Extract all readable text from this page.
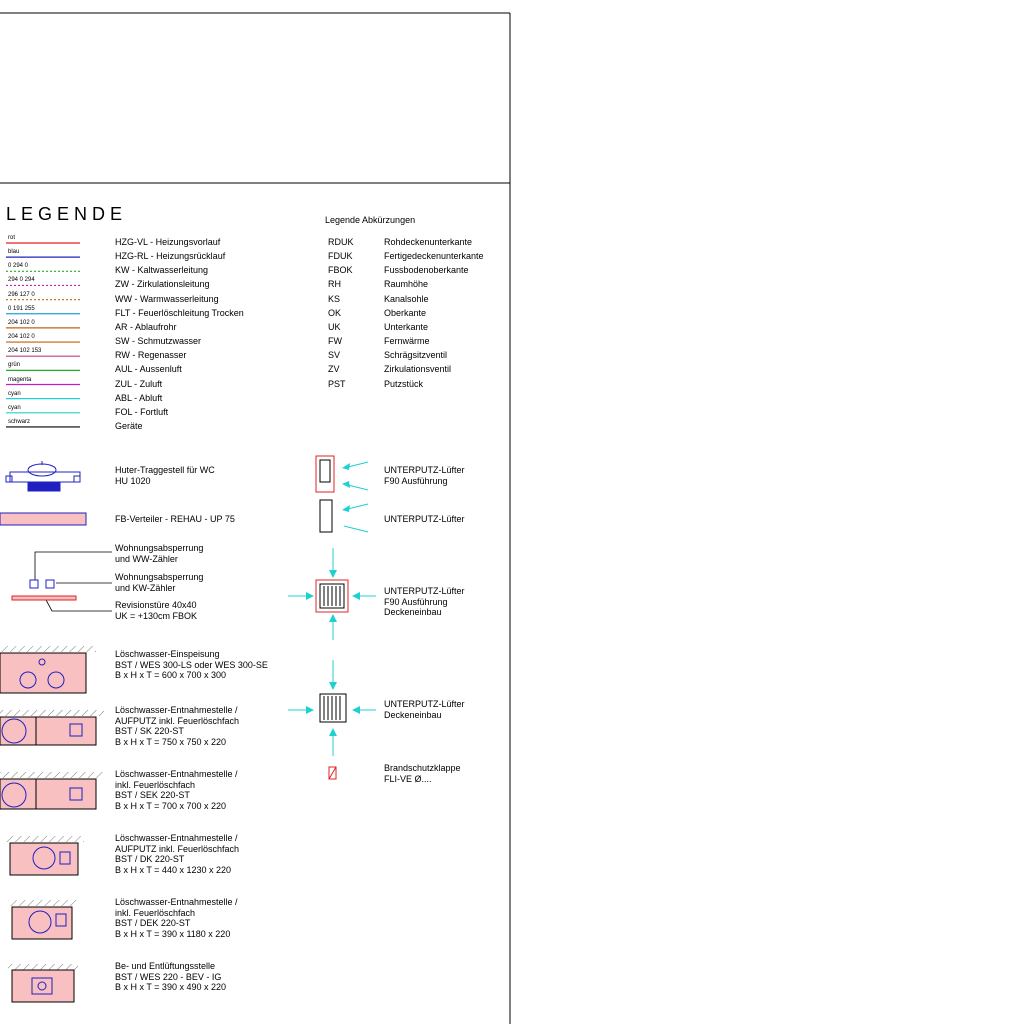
LEGENDE	Legende Abkürzungen
rot	HZG-VL - Heizungsvorlauf
blau	HZG-RL - Heizungsrücklauf
0 294 0	KW - Kaltwasserleitung
294 0 294	ZW - Zirkulationsleitung
296 127 0	WW - Warmwasserleitung
0 191 255	FLT - Feuerlöschleitung Trocken
204 102 0	AR - Ablaufrohr
204 102 0	SW - Schmutzwasser
204 102 153	RW - Regenasser
grün	AUL - Aussenluft
magenta	ZUL - Zuluft
cyan	ABL - Abluft
cyan	FOL - Fortluft
schwarz	Geräte
RDUK	Rohdeckenunterkante
FDUK	Fertigedeckenunterkante
FBOK	Fussbodenoberkante
RH	Raumhöhe
KS	Kanalsohle
OK	Oberkante
UK	Unterkante
FW	Fernwärme
SV	Schrägsitzventil
ZV	Zirkulationsventil
PST	Putzstück
Huter-Traggestell für WC
HU 1020
FB-Verteiler - REHAU - UP 75
Wohnungsabsperrung
und WW-Zähler
Wohnungsabsperrung
und KW-Zähler
Revisionstüre 40x40
UK = +130cm FBOK
Löschwasser-Einspeisung
BST / WES 300-LS oder WES 300-SE
B x H x T = 600 x 700 x 300
Löschwasser-Entnahmestelle /
AUFPUTZ inkl. Feuerlöschfach
BST / SK 220-ST
B x H x T = 750 x 750 x 220
Löschwasser-Entnahmestelle /
inkl. Feuerlöschfach
BST / SEK 220-ST
B x H x T = 700 x 700 x 220
Löschwasser-Entnahmestelle /
AUFPUTZ inkl. Feuerlöschfach
BST / DK 220-ST
B x H x T = 440 x 1230 x 220
Löschwasser-Entnahmestelle /
inkl. Feuerlöschfach
BST / DEK 220-ST
B x H x T = 390 x 1180 x 220
Be- und Entlüftungsstelle
BST / WES 220 - BEV - IG
B x H x T = 390 x 490 x 220
UNTERPUTZ-Lüfter
F90 Ausführung
UNTERPUTZ-Lüfter
UNTERPUTZ-Lüfter
F90 Ausführung
Deckeneinbau
UNTERPUTZ-Lüfter
Deckeneinbau
Brandschutzklappe
FLI-VE Ø....
